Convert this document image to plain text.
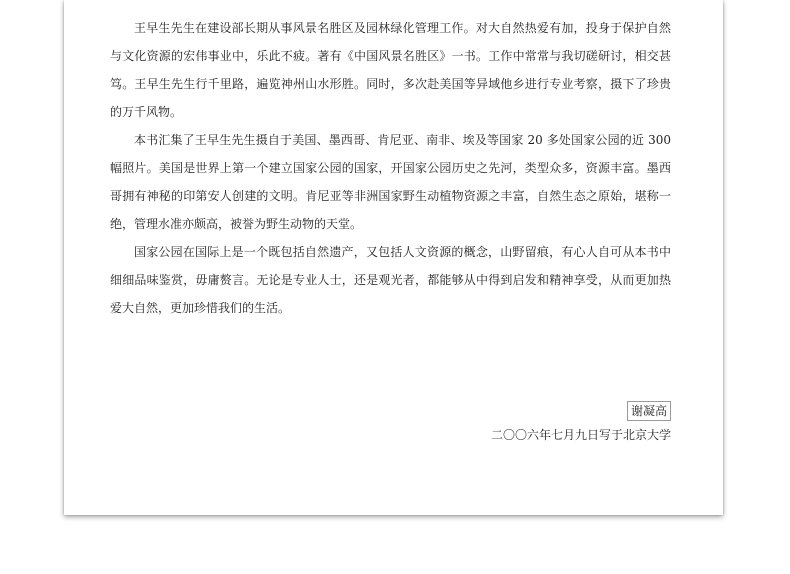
王早生先生在建设部长期从事风景名胜区及园林绿化管理工作。对大自然热爱有加，投身于保护自然与文化资源的宏伟事业中，乐此不疲。著有《中国风景名胜区》一书。工作中常常与我切磋研讨，相交甚笃。王早生先生行千里路，遍览神州山水形胜。同时，多次赴美国等异域他乡进行专业考察，摄下了珍贵的万千风物。

本书汇集了王早生先生摄自于美国、墨西哥、肯尼亚、南非、埃及等国家 20 多处国家公园的近 300 幅照片。美国是世界上第一个建立国家公园的国家，开国家公园历史之先河，类型众多，资源丰富。墨西哥拥有神秘的印第安人创建的文明。肯尼亚等非洲国家野生动植物资源之丰富，自然生态之原始，堪称一绝，管理水准亦颇高，被誉为野生动物的天堂。

国家公园在国际上是一个既包括自然遗产，又包括人文资源的概念，山野留痕，有心人自可从本书中细细品味鉴赏，毋庸赘言。无论是专业人士，还是观光者，都能够从中得到启发和精神享受，从而更加热爱大自然，更加珍惜我们的生活。

谢凝高
二〇〇六年七月九日写于北京大学
